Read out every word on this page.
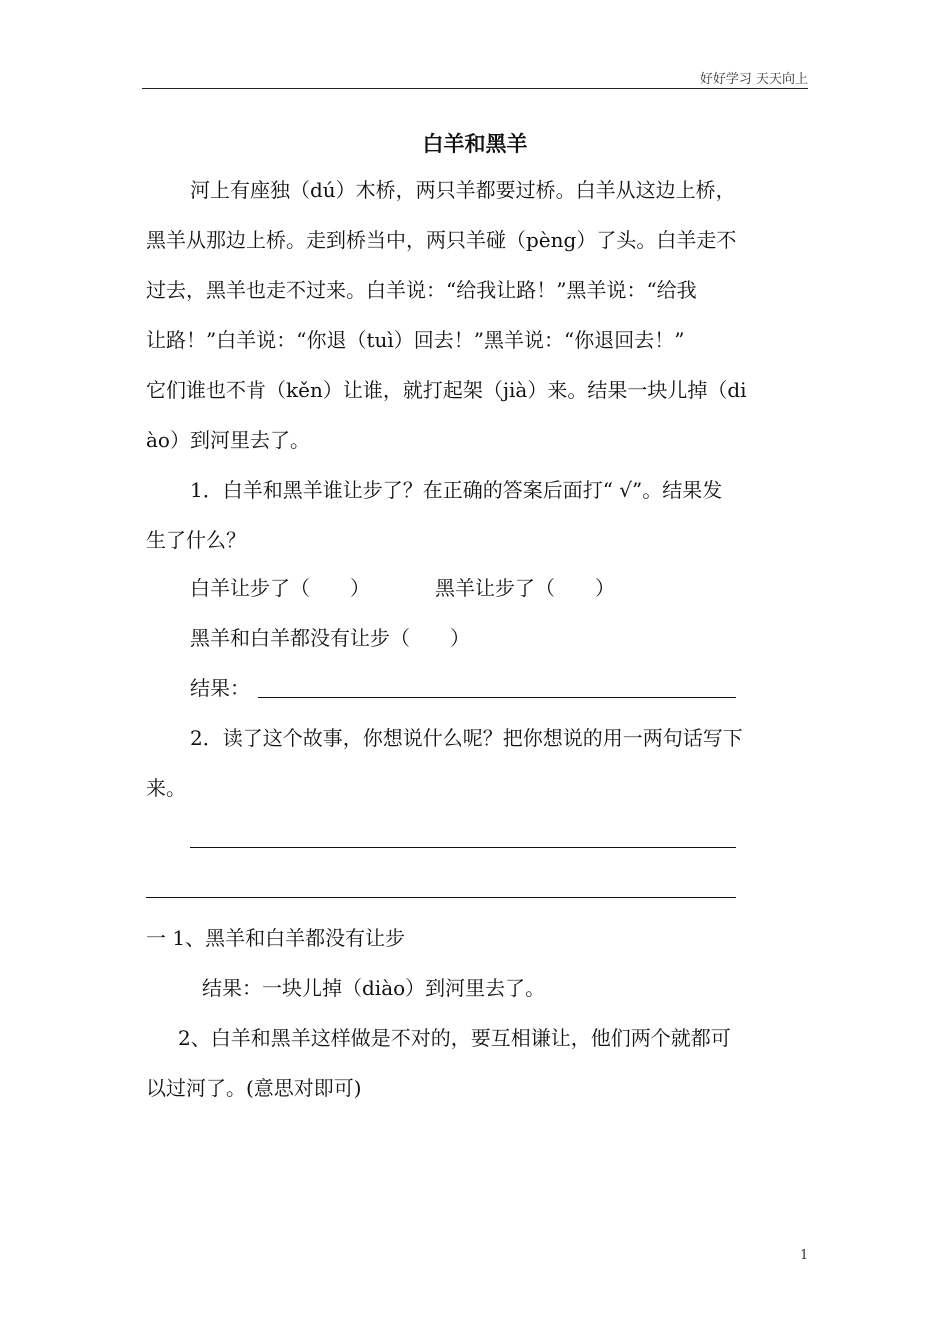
好好学习 天天向上
白羊和黑羊
河上有座独（dú）木桥，两只羊都要过桥。白羊从这边上桥，
黑羊从那边上桥。走到桥当中，两只羊碰（pèng）了头。白羊走不
过去，黑羊也走不过来。白羊说：“给我让路！”黑羊说：“给我
让路！”白羊说：“你退（tuì）回去！”黑羊说：“你退回去！”
它们谁也不肯（kěn）让谁，就打起架（jià）来。结果一块儿掉（di
ào）到河里去了。
1．白羊和黑羊谁让步了？在正确的答案后面打“ √”。结果发
生了什么？
白羊让步了（　　）	黑羊让步了（　　）
黑羊和白羊都没有让步（　　）
结果：
2．读了这个故事，你想说什么呢？把你想说的用一两句话写下
来。
一 1、黑羊和白羊都没有让步
结果：一块儿掉（diào）到河里去了。
2、白羊和黑羊这样做是不对的，要互相谦让，他们两个就都可
以过河了。(意思对即可)
1
